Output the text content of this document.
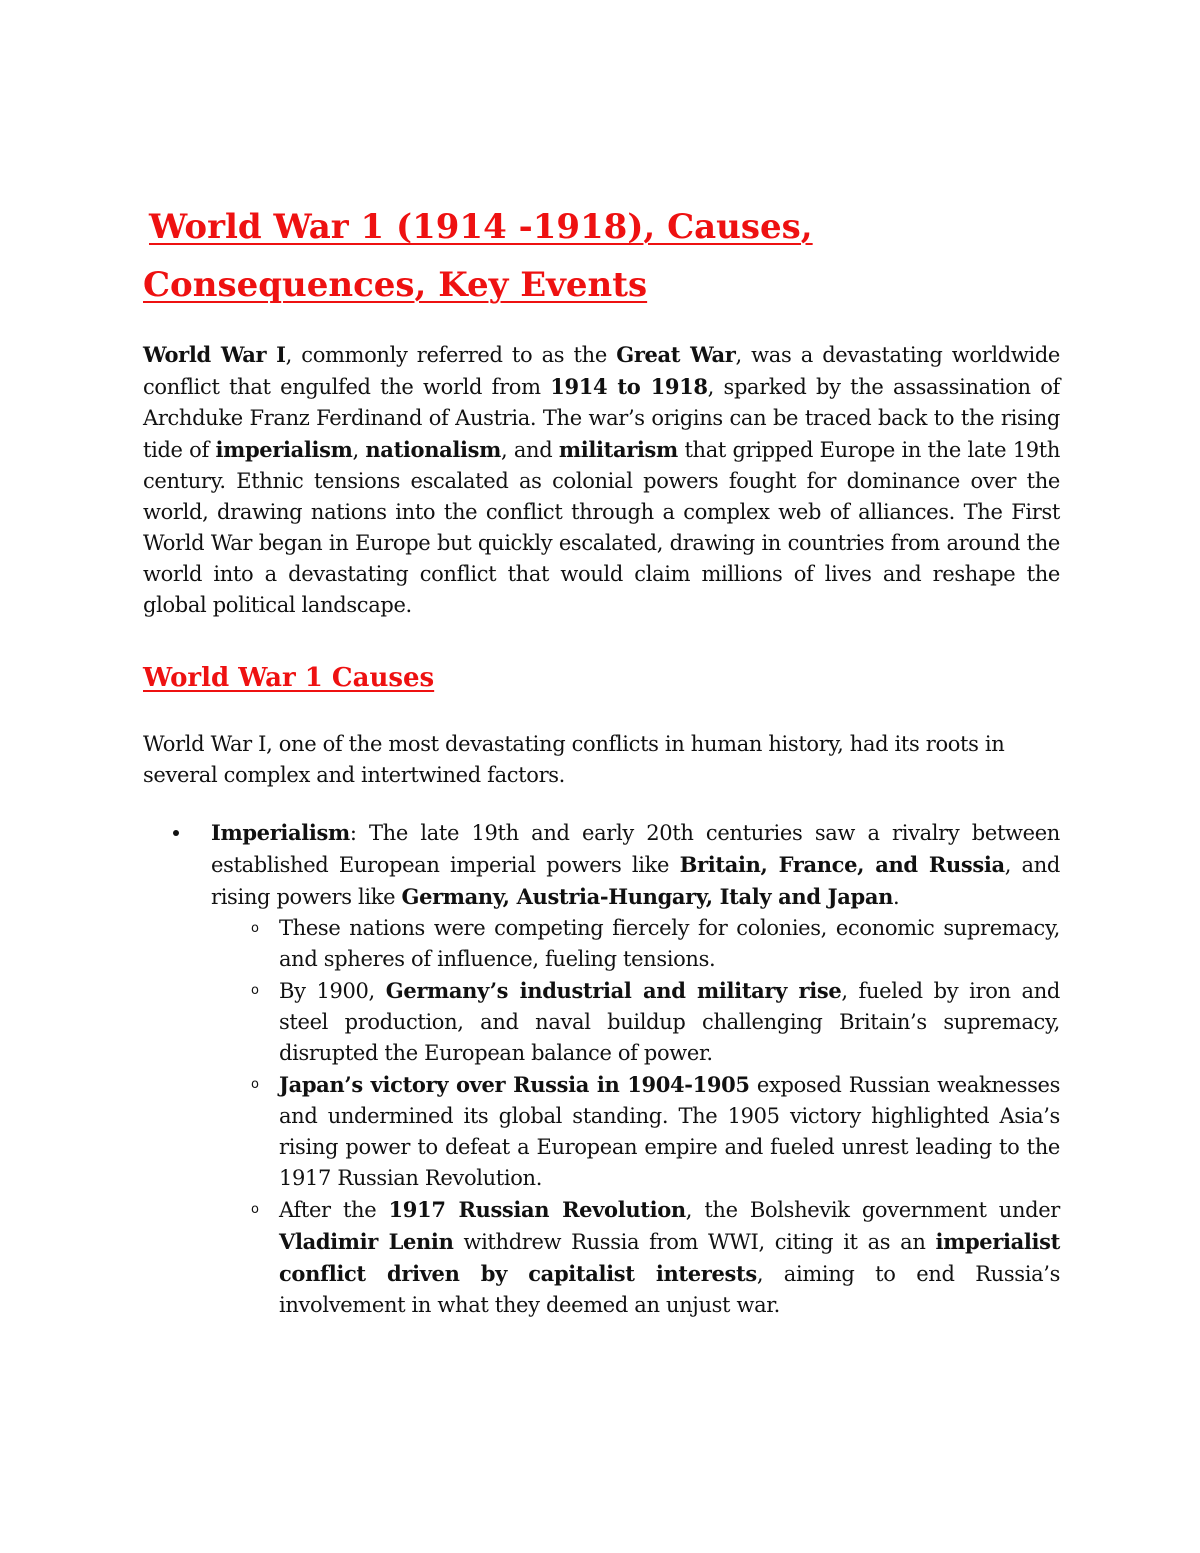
World War 1 (1914 -1918), Causes,
Consequences, Key Events

World War I, commonly referred to as the Great War, was a devastating worldwide conflict that engulfed the world from 1914 to 1918, sparked by the assassination of Archduke Franz Ferdinand of Austria. The war’s origins can be traced back to the rising tide of imperialism, nationalism, and militarism that gripped Europe in the late 19th century. Ethnic tensions escalated as colonial powers fought for dominance over the world, drawing nations into the conflict through a complex web of alliances. The First World War began in Europe but quickly escalated, drawing in countries from around the world into a devastating conflict that would claim millions of lives and reshape the global political landscape.

World War 1 Causes

World War I, one of the most devastating conflicts in human history, had its roots in several complex and intertwined factors.

Imperialism: The late 19th and early 20th centuries saw a rivalry between established European imperial powers like Britain, France, and Russia, and rising powers like Germany, Austria-Hungary, Italy and Japan.
o These nations were competing fiercely for colonies, economic supremacy, and spheres of influence, fueling tensions.
o By 1900, Germany’s industrial and military rise, fueled by iron and steel production, and naval buildup challenging Britain’s supremacy, disrupted the European balance of power.
o Japan’s victory over Russia in 1904-1905 exposed Russian weaknesses and undermined its global standing. The 1905 victory highlighted Asia’s rising power to defeat a European empire and fueled unrest leading to the 1917 Russian Revolution.
o After the 1917 Russian Revolution, the Bolshevik government under Vladimir Lenin withdrew Russia from WWI, citing it as an imperialist conflict driven by capitalist interests, aiming to end Russia’s involvement in what they deemed an unjust war.
